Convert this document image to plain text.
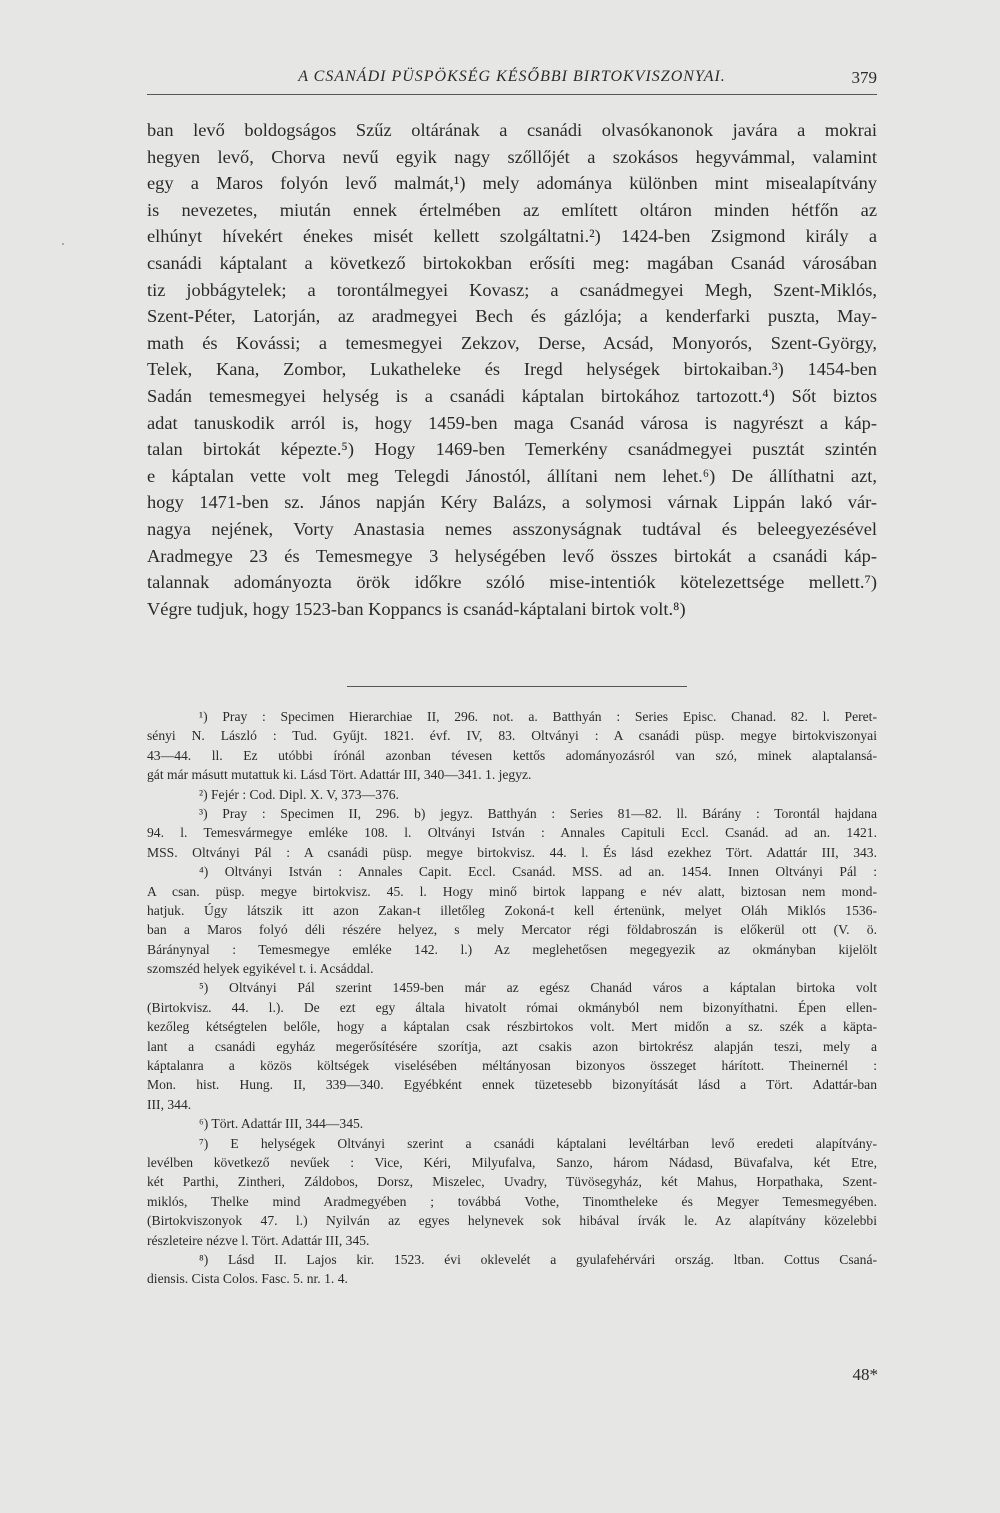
A CSANÁDI PÜSPÖKSÉG KÉSŐBBI BIRTOKVISZONYAI.	379
ban levő boldogságos Szűz oltárának a csanádi olvasókanonok javára a mokrai
hegyen levő, Chorva nevű egyik nagy szőllőjét a szokásos hegyvámmal, valamint
egy a Maros folyón levő malmát,¹) mely adománya különben mint misealapítvány
is nevezetes, miután ennek értelmében az említett oltáron minden hétfőn az
elhúnyt hívekért énekes misét kellett szolgáltatni.²) 1424-ben Zsigmond király a
csanádi káptalant a következő birtokokban erősíti meg: magában Csanád városában
tiz jobbágytelek; a torontálmegyei Kovasz; a csanádmegyei Megh, Szent-Miklós,
Szent-Péter, Latorján, az aradmegyei Bech és gázlója; a kenderfarki puszta, May-
math és Kovássi; a temesmegyei Zekzov, Derse, Acsád, Monyorós, Szent-György,
Telek, Kana, Zombor, Lukatheleke és Iregd helységek birtokaiban.³) 1454-ben
Sadán temesmegyei helység is a csanádi káptalan birtokához tartozott.⁴) Sőt biztos
adat tanuskodik arról is, hogy 1459-ben maga Csanád városa is nagyrészt a káp-
talan birtokát képezte.⁵) Hogy 1469-ben Temerkény csanádmegyei pusztát szintén
e káptalan vette volt meg Telegdi Jánostól, állítani nem lehet.⁶) De állíthatni azt,
hogy 1471-ben sz. János napján Kéry Balázs, a solymosi várnak Lippán lakó vár-
nagya nejének, Vorty Anastasia nemes asszonyságnak tudtával és beleegyezésével
Aradmegye 23 és Temesmegye 3 helységében levő összes birtokát a csanádi káp-
talannak adományozta örök időkre szóló mise-intentiók kötelezettsége mellett.⁷)
Végre tudjuk, hogy 1523-ban Koppancs is csanád-káptalani birtok volt.⁸)
¹) Pray : Specimen Hierarchiae II, 296. not. a. Batthyán : Series Episc. Chanad. 82. l. Peret-
sényi N. László : Tud. Gyűjt. 1821. évf. IV, 83. Oltványi : A csanádi püsp. megye birtokviszonyai
43—44. ll. Ez utóbbi írónál azonban tévesen kettős adományozásról van szó, minek alaptalansá-
gát már másutt mutattuk ki. Lásd Tört. Adattár III, 340—341. 1. jegyz.
²) Fejér : Cod. Dipl. X. V, 373—376.
³) Pray : Specimen II, 296. b) jegyz. Batthyán : Series 81—82. ll. Bárány : Torontál hajdana
94. l. Temesvármegye emléke 108. l. Oltványi István : Annales Capituli Eccl. Csanád. ad an. 1421.
MSS. Oltványi Pál : A csanádi püsp. megye birtokvisz. 44. l. És lásd ezekhez Tört. Adattár III, 343.
⁴) Oltványi István : Annales Capit. Eccl. Csanád. MSS. ad an. 1454. Innen Oltványi Pál :
A csan. püsp. megye birtokvisz. 45. l. Hogy minő birtok lappang e név alatt, biztosan nem mond-
hatjuk. Úgy látszik itt azon Zakan-t illetőleg Zokoná-t kell értenünk, melyet Oláh Miklós 1536-
ban a Maros folyó déli részére helyez, s mely Mercator régi földabroszán is előkerül ott (V. ö.
Báránynyal : Temesmegye emléke 142. l.) Az meglehetősen megegyezik az okmányban kijelölt
szomszéd helyek egyikével t. i. Acsáddal.
⁵) Oltványi Pál szerint 1459-ben már az egész Chanád város a káptalan birtoka volt
(Birtokvisz. 44. l.). De ezt egy általa hivatolt római okmányból nem bizonyíthatni. Épen ellen-
kezőleg kétségtelen belőle, hogy a káptalan csak részbirtokos volt. Mert midőn a sz. szék a käpta-
lant a csanádi egyház megerősítésére szorítja, azt csakis azon birtokrész alapján teszi, mely a
káptalanra a közös költségek viselésében méltányosan bizonyos összeget hárított. Theinernél :
Mon. hist. Hung. II, 339—340. Egyébként ennek tüzetesebb bizonyítását lásd a Tört. Adattár-ban
III, 344.
⁶) Tört. Adattár III, 344—345.
⁷) E helységek Oltványi szerint a csanádi káptalani levéltárban levő eredeti alapítvány-
levélben következő nevűek : Vice, Kéri, Milyufalva, Sanzo, három Nádasd, Büvafalva, két Etre,
két Parthi, Zintheri, Záldobos, Dorsz, Miszelec, Uvadry, Tüvösegyház, két Mahus, Horpathaka, Szent-
miklós, Thelke mind Aradmegyében ; továbbá Vothe, Tinomtheleke és Megyer Temesmegyében.
(Birtokviszonyok 47. l.) Nyilván az egyes helynevek sok hibával írvák le. Az alapítvány közelebbi
részleteire nézve l. Tört. Adattár III, 345.
⁸) Lásd II. Lajos kir. 1523. évi oklevelét a gyulafehérvári ország. ltban. Cottus Csaná-
diensis. Cista Colos. Fasc. 5. nr. 1. 4.
48*
